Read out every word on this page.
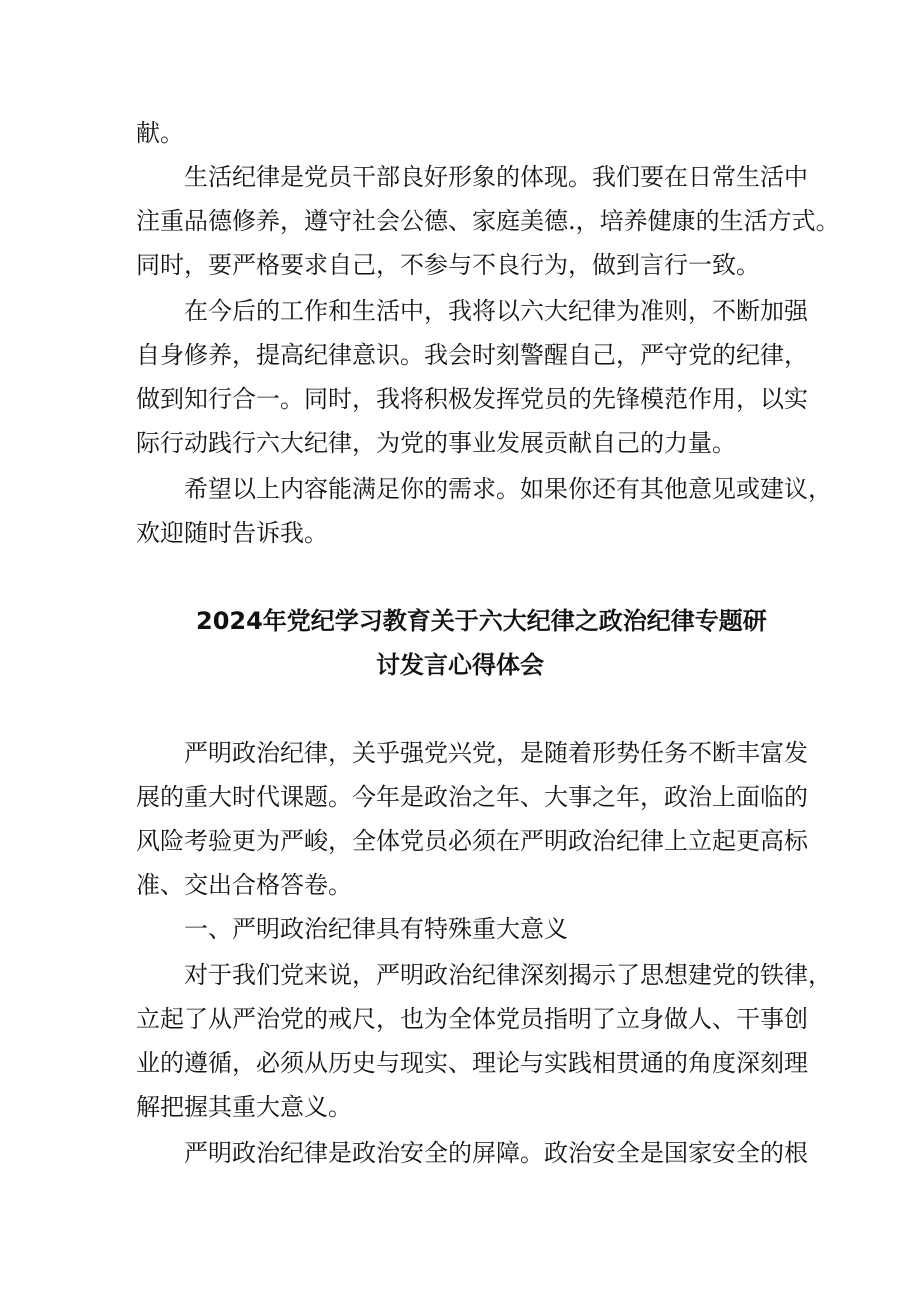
献。
生活纪律是党员干部良好形象的体现。我们要在日常生活中
注重品德修养，遵守社会公德、家庭美德.，培养健康的生活方式。
同时，要严格要求自己，不参与不良行为，做到言行一致。
在今后的工作和生活中，我将以六大纪律为准则，不断加强
自身修养，提高纪律意识。我会时刻警醒自己，严守党的纪律，
做到知行合一。同时，我将积极发挥党员的先锋模范作用，以实
际行动践行六大纪律，为党的事业发展贡献自己的力量。
希望以上内容能满足你的需求。如果你还有其他意见或建议，
欢迎随时告诉我。
2024年党纪学习教育关于六大纪律之政治纪律专题研
讨发言心得体会
严明政治纪律，关乎强党兴党，是随着形势任务不断丰富发
展的重大时代课题。今年是政治之年、大事之年，政治上面临的
风险考验更为严峻，全体党员必须在严明政治纪律上立起更高标
准、交出合格答卷。
一、严明政治纪律具有特殊重大意义
对于我们党来说，严明政治纪律深刻揭示了思想建党的铁律，
立起了从严治党的戒尺，也为全体党员指明了立身做人、干事创
业的遵循，必须从历史与现实、理论与实践相贯通的角度深刻理
解把握其重大意义。
严明政治纪律是政治安全的屏障。政治安全是国家安全的根
